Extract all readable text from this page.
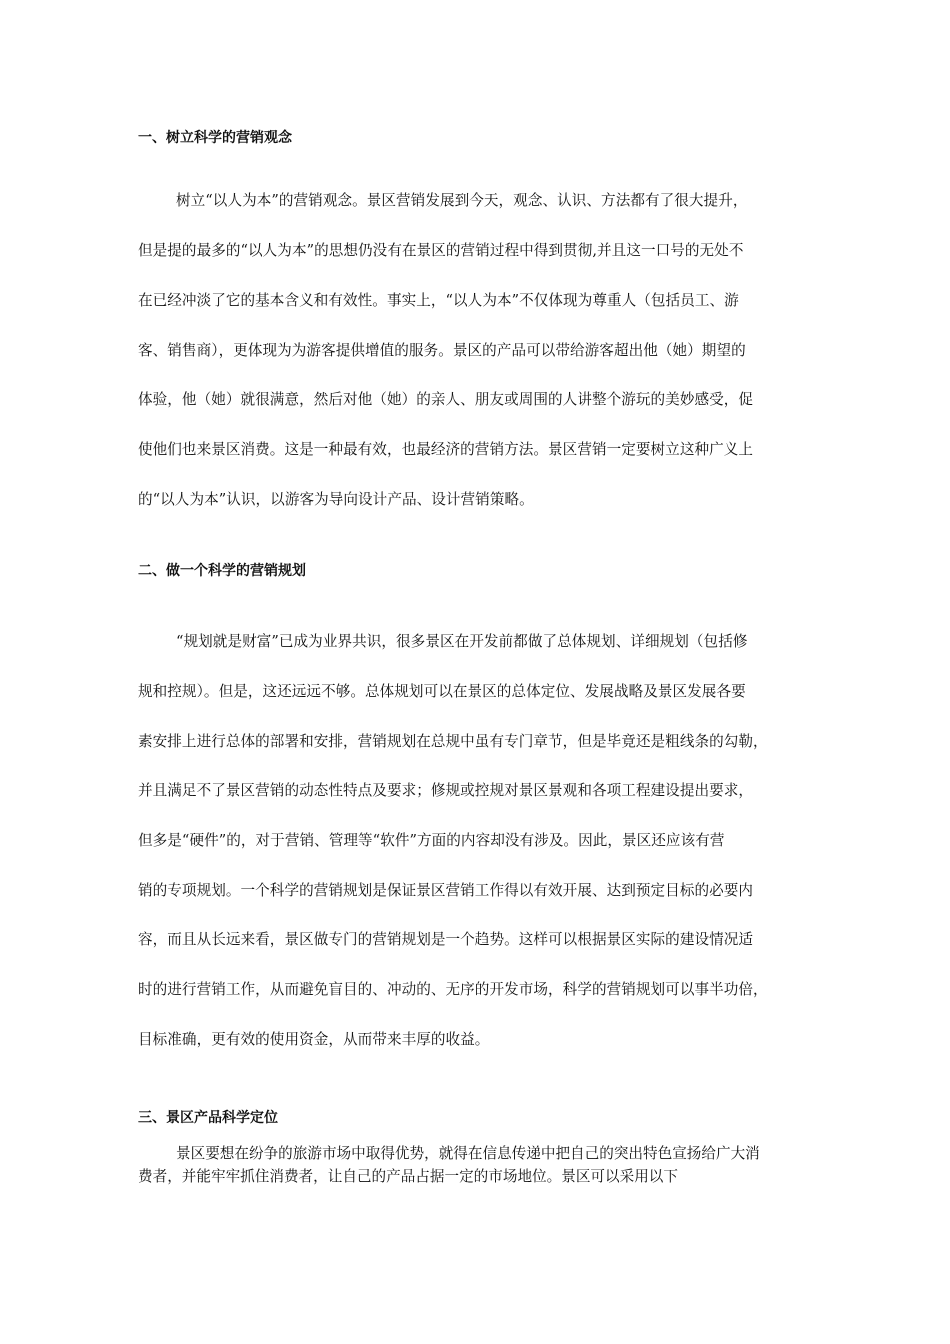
一、树立科学的营销观念
树立“以人为本”的营销观念。景区营销发展到今天，观念、认识、方法都有了很大提升，
但是提的最多的“以人为本”的思想仍没有在景区的营销过程中得到贯彻,并且这一口号的无处不
在已经冲淡了它的基本含义和有效性。事实上，“以人为本”不仅体现为尊重人（包括员工、游
客、销售商），更体现为为游客提供增值的服务。景区的产品可以带给游客超出他（她）期望的
体验，他（她）就很满意，然后对他（她）的亲人、朋友或周围的人讲整个游玩的美妙感受，促
使他们也来景区消费。这是一种最有效，也最经济的营销方法。景区营销一定要树立这种广义上
的“以人为本”认识，以游客为导向设计产品、设计营销策略。
二、做一个科学的营销规划
“规划就是财富”已成为业界共识，很多景区在开发前都做了总体规划、详细规划（包括修
规和控规）。但是，这还远远不够。总体规划可以在景区的总体定位、发展战略及景区发展各要
素安排上进行总体的部署和安排，营销规划在总规中虽有专门章节，但是毕竟还是粗线条的勾勒，
并且满足不了景区营销的动态性特点及要求；修规或控规对景区景观和各项工程建设提出要求，
但多是“硬件”的，对于营销、管理等“软件”方面的内容却没有涉及。因此，景区还应该有营
销的专项规划。一个科学的营销规划是保证景区营销工作得以有效开展、达到预定目标的必要内
容，而且从长远来看，景区做专门的营销规划是一个趋势。这样可以根据景区实际的建设情况适
时的进行营销工作，从而避免盲目的、冲动的、无序的开发市场，科学的营销规划可以事半功倍，
目标准确，更有效的使用资金，从而带来丰厚的收益。
三、景区产品科学定位
景区要想在纷争的旅游市场中取得优势，就得在信息传递中把自己的突出特色宣扬给广大消
费者，并能牢牢抓住消费者，让自己的产品占据一定的市场地位。景区可以采用以下
